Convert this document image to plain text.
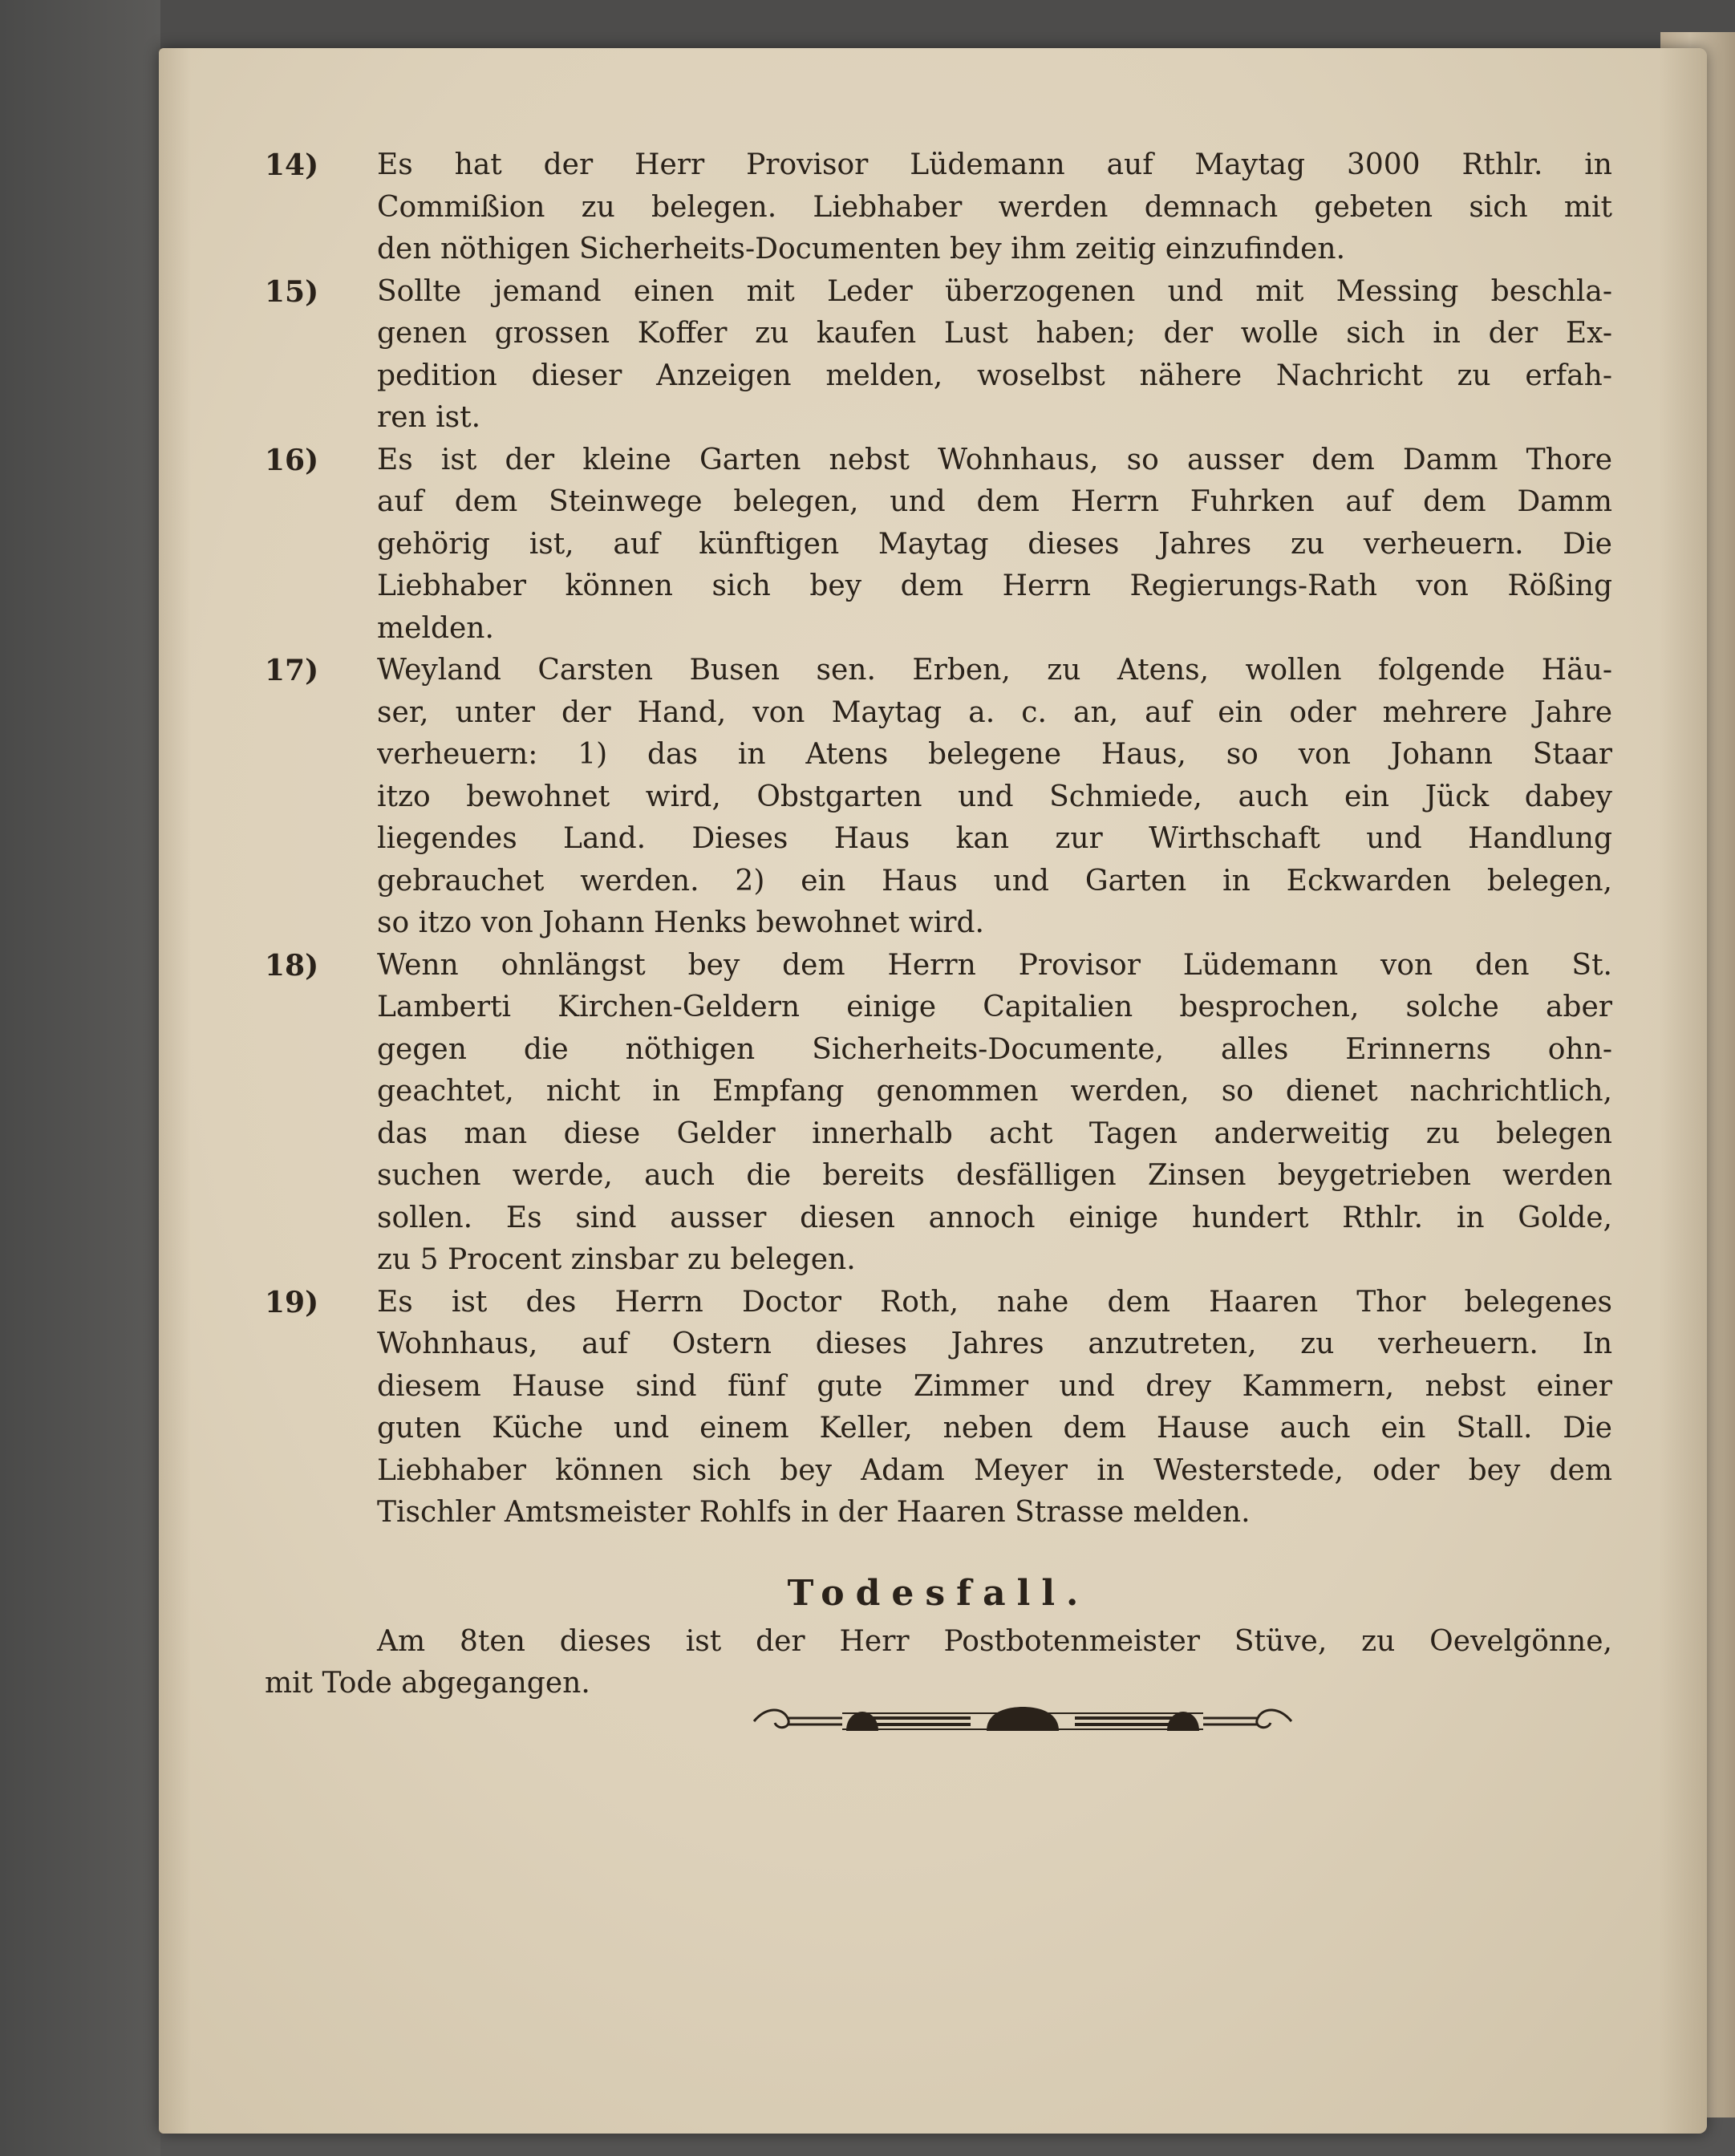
14)	Es hat der Herr Provisor Lüdemann auf Maytag 3000 Rthlr. in
Commißion zu belegen. Liebhaber werden demnach gebeten sich mit
den nöthigen Sicherheits-Documenten bey ihm zeitig einzufinden.
15)	Sollte jemand einen mit Leder überzogenen und mit Messing beschla-
genen grossen Koffer zu kaufen Lust haben; der wolle sich in der Ex-
pedition dieser Anzeigen melden, woselbst nähere Nachricht zu erfah-
ren ist.
16)	Es ist der kleine Garten nebst Wohnhaus, so ausser dem Damm Thore
auf dem Steinwege belegen, und dem Herrn Fuhrken auf dem Damm
gehörig ist, auf künftigen Maytag dieses Jahres zu verheuern. Die
Liebhaber können sich bey dem Herrn Regierungs-Rath von Rößing
melden.
17)	Weyland Carsten Busen sen. Erben, zu Atens, wollen folgende Häu-
ser, unter der Hand, von Maytag a. c. an, auf ein oder mehrere Jahre
verheuern: 1) das in Atens belegene Haus, so von Johann Staar
itzo bewohnet wird, Obstgarten und Schmiede, auch ein Jück dabey
liegendes Land. Dieses Haus kan zur Wirthschaft und Handlung
gebrauchet werden. 2) ein Haus und Garten in Eckwarden belegen,
so itzo von Johann Henks bewohnet wird.
18)	Wenn ohnlängst bey dem Herrn Provisor Lüdemann von den St.
Lamberti Kirchen-Geldern einige Capitalien besprochen, solche aber
gegen die nöthigen Sicherheits-Documente, alles Erinnerns ohn-
geachtet, nicht in Empfang genommen werden, so dienet nachrichtlich,
das man diese Gelder innerhalb acht Tagen anderweitig zu belegen
suchen werde, auch die bereits desfälligen Zinsen beygetrieben werden
sollen. Es sind ausser diesen annoch einige hundert Rthlr. in Golde,
zu 5 Procent zinsbar zu belegen.
19)	Es ist des Herrn Doctor Roth, nahe dem Haaren Thor belegenes
Wohnhaus, auf Ostern dieses Jahres anzutreten, zu verheuern. In
diesem Hause sind fünf gute Zimmer und drey Kammern, nebst einer
guten Küche und einem Keller, neben dem Hause auch ein Stall. Die
Liebhaber können sich bey Adam Meyer in Westerstede, oder bey dem
Tischler Amtsmeister Rohlfs in der Haaren Strasse melden.
Todesfall.
Am 8ten dieses ist der Herr Postbotenmeister Stüve, zu Oevelgönne,
mit Tode abgegangen.
